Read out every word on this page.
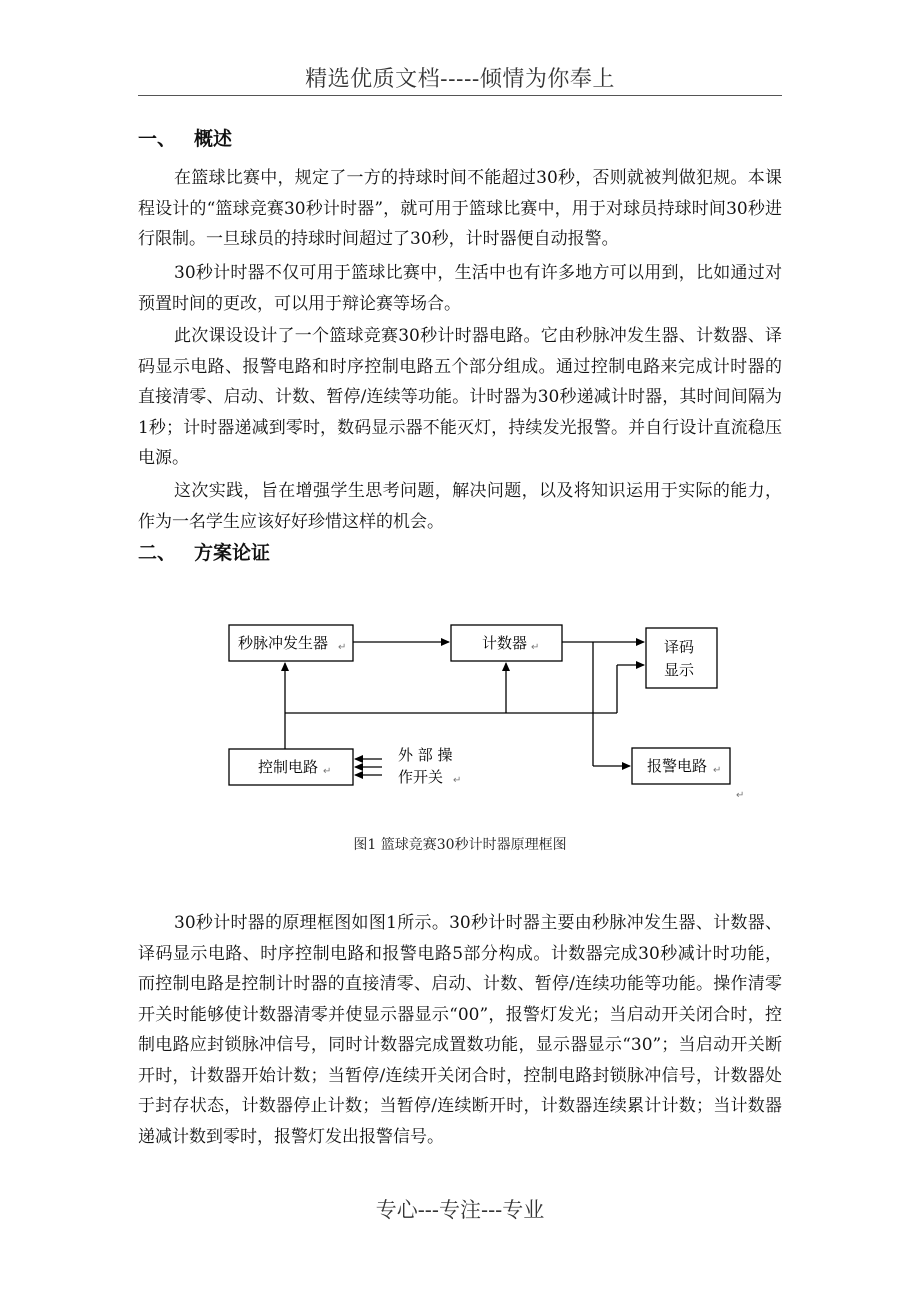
精选优质文档-----倾情为你奉上
一、 概述

在篮球比赛中，规定了一方的持球时间不能超过30秒，否则就被判做犯规。本课程设计的“篮球竞赛30秒计时器”，就可用于篮球比赛中，用于对球员持球时间30秒进行限制。一旦球员的持球时间超过了30秒，计时器便自动报警。

30秒计时器不仅可用于篮球比赛中，生活中也有许多地方可以用到，比如通过对预置时间的更改，可以用于辩论赛等场合。

此次课设设计了一个篮球竞赛30秒计时器电路。它由秒脉冲发生器、计数器、译码显示电路、报警电路和时序控制电路五个部分组成。通过控制电路来完成计时器的直接清零、启动、计数、暂停/连续等功能。计时器为30秒递减计时器，其时间间隔为1秒；计时器递减到零时，数码显示器不能灭灯，持续发光报警。并自行设计直流稳压电源。

这次实践，旨在增强学生思考问题，解决问题，以及将知识运用于实际的能力，作为一名学生应该好好珍惜这样的机会。

二、 方案论证
秒脉冲发生器	计数器	译码
显示
控制电路	报警电路
外 部 操
作开关
↵	↵
↵
↵
↵
↵
图1 篮球竞赛30秒计时器原理框图

30秒计时器的原理框图如图1所示。30秒计时器主要由秒脉冲发生器、计数器、译码显示电路、时序控制电路和报警电路5部分构成。计数器完成30秒减计时功能，而控制电路是控制计时器的直接清零、启动、计数、暂停/连续功能等功能。操作清零开关时能够使计数器清零并使显示器显示“00”，报警灯发光；当启动开关闭合时，控制电路应封锁脉冲信号，同时计数器完成置数功能，显示器显示“30”；当启动开关断开时，计数器开始计数；当暂停/连续开关闭合时，控制电路封锁脉冲信号，计数器处于封存状态，计数器停止计数；当暂停/连续断开时，计数器连续累计计数；当计数器递减计数到零时，报警灯发出报警信号。

专心---专注---专业
